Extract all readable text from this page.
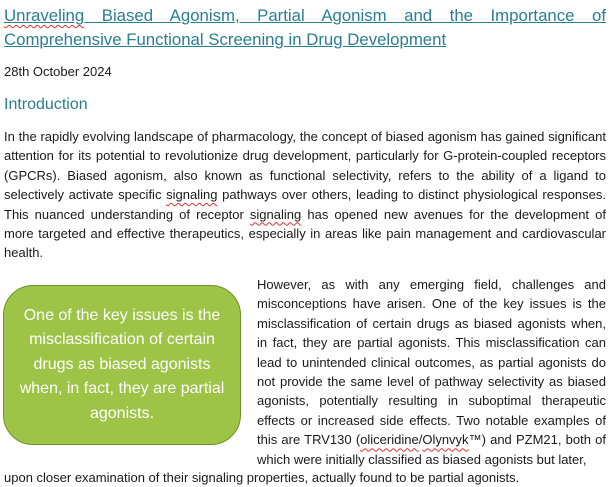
Unraveling Biased Agonism, Partial Agonism and the Importance of Comprehensive Functional Screening in Drug Development
28th October 2024
Introduction

In the rapidly evolving landscape of pharmacology, the concept of biased agonism has gained significant attention for its potential to revolutionize drug development, particularly for G-protein-coupled receptors (GPCRs). Biased agonism, also known as functional selectivity, refers to the ability of a ligand to selectively activate specific signaling pathways over others, leading to distinct physiological responses. This nuanced understanding of receptor signaling has opened new avenues for the development of more targeted and effective therapeutics, especially in areas like pain management and cardiovascular health.

One of the key issues is the misclassification of certain drugs as biased agonists when, in fact, they are partial agonists.

However, as with any emerging field, challenges and misconceptions have arisen. One of the key issues is the misclassification of certain drugs as biased agonists when, in fact, they are partial agonists. This misclassification can lead to unintended clinical outcomes, as partial agonists do not provide the same level of pathway selectivity as biased agonists, potentially resulting in suboptimal therapeutic effects or increased side effects. Two notable examples of this are TRV130 (oliceridine/Olynvyk™) and PZM21, both of which were initially classified as biased agonists but later,

upon closer examination of their signaling properties, actually found to be partial agonists.
